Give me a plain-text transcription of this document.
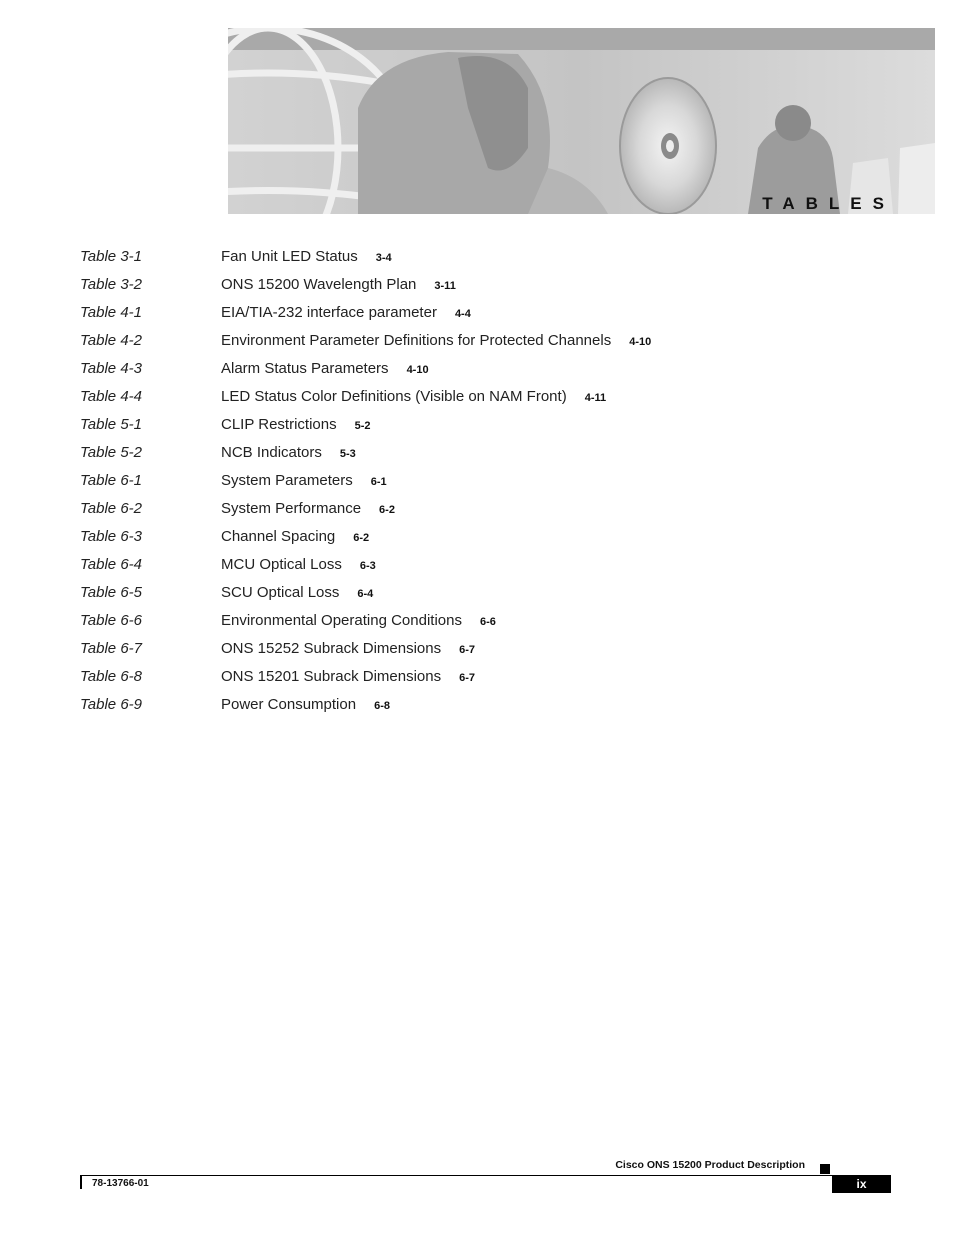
TABLES
Table 3-1	Fan Unit LED Status 3-4
Table 3-2	ONS 15200 Wavelength Plan 3-11
Table 4-1	EIA/TIA-232 interface parameter 4-4
Table 4-2	Environment Parameter Definitions for Protected Channels 4-10
Table 4-3	Alarm Status Parameters 4-10
Table 4-4	LED Status Color Definitions (Visible on NAM Front) 4-11
Table 5-1	CLIP Restrictions 5-2
Table 5-2	NCB Indicators 5-3
Table 6-1	System Parameters 6-1
Table 6-2	System Performance 6-2
Table 6-3	Channel Spacing 6-2
Table 6-4	MCU Optical Loss 6-3
Table 6-5	SCU Optical Loss 6-4
Table 6-6	Environmental Operating Conditions 6-6
Table 6-7	ONS 15252 Subrack Dimensions 6-7
Table 6-8	ONS 15201 Subrack Dimensions 6-7
Table 6-9	Power Consumption 6-8
Cisco ONS 15200 Product Description
78-13766-01	ix
